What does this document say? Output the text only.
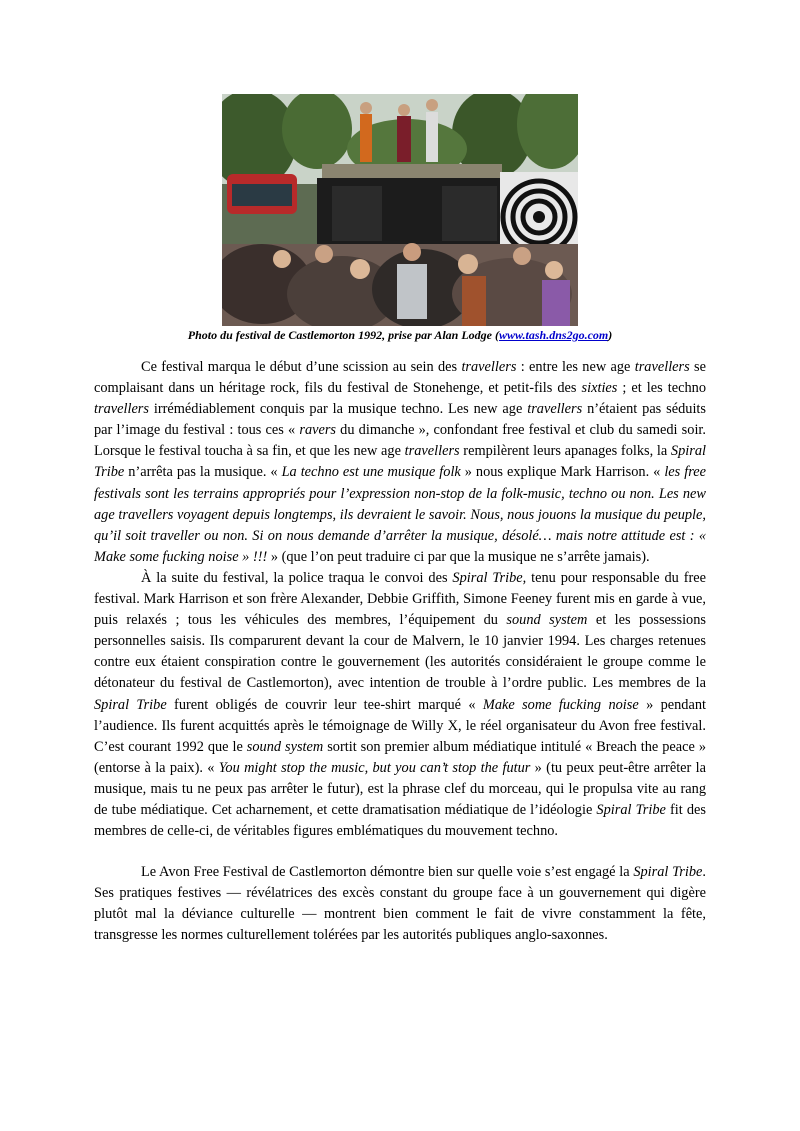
Photo du festival de Castlemorton 1992, prise par Alan Lodge (www.tash.dns2go.com)

Ce festival marqua le début d’une scission au sein des travellers : entre les new age travellers se complaisant dans un héritage rock, fils du festival de Stonehenge, et petit-fils des sixties ; et les techno travellers irrémédiablement conquis par la musique techno. Les new age travellers n’étaient pas séduits par l’image du festival : tous ces « ravers du dimanche », confondant free festival et club du samedi soir. Lorsque le festival toucha à sa fin, et que les new age travellers rempilèrent leurs apanages folks, la Spiral Tribe n’arrêta pas la musique. « La techno est une musique folk » nous explique Mark Harrison. « les free festivals sont les terrains appropriés pour l’expression non-stop de la folk-music, techno ou non. Les new age travellers voyagent depuis longtemps, ils devraient le savoir. Nous, nous jouons la musique du peuple, qu’il soit traveller ou non. Si on nous demande d’arrêter la musique, désolé… mais notre attitude est : « Make some fucking noise » !!! » (que l’on peut traduire ci par que la musique ne s’arrête jamais).

À la suite du festival, la police traqua le convoi des Spiral Tribe, tenu pour responsable du free festival. Mark Harrison et son frère Alexander, Debbie Griffith, Simone Feeney furent mis en garde à vue, puis relaxés ; tous les véhicules des membres, l’équipement du sound system et les possessions personnelles saisis. Ils comparurent devant la cour de Malvern, le 10 janvier 1994. Les charges retenues contre eux étaient conspiration contre le gouvernement (les autorités considéraient le groupe comme le détonateur du festival de Castlemorton), avec intention de trouble à l’ordre public. Les membres de la Spiral Tribe furent obligés de couvrir leur tee-shirt marqué « Make some fucking noise » pendant l’audience. Ils furent acquittés après le témoignage de Willy X, le réel organisateur du Avon free festival. C’est courant 1992 que le sound system sortit son premier album médiatique intitulé « Breach the peace » (entorse à la paix). « You might stop the music, but you can’t stop the futur » (tu peux peut-être arrêter la musique, mais tu ne peux pas arrêter le futur), est la phrase clef du morceau, qui le propulsa vite au rang de tube médiatique. Cet acharnement, et cette dramatisation médiatique de l’idéologie Spiral Tribe fit des membres de celle-ci, de véritables figures emblématiques du mouvement techno.

Le Avon Free Festival de Castlemorton démontre bien sur quelle voie s’est engagé la Spiral Tribe. Ses pratiques festives — révélatrices des excès constant du groupe face à un gouvernement qui digère plutôt mal la déviance culturelle — montrent bien comment le fait de vivre constamment la fête, transgresse les normes culturellement tolérées par les autorités publiques anglo-saxonnes.
